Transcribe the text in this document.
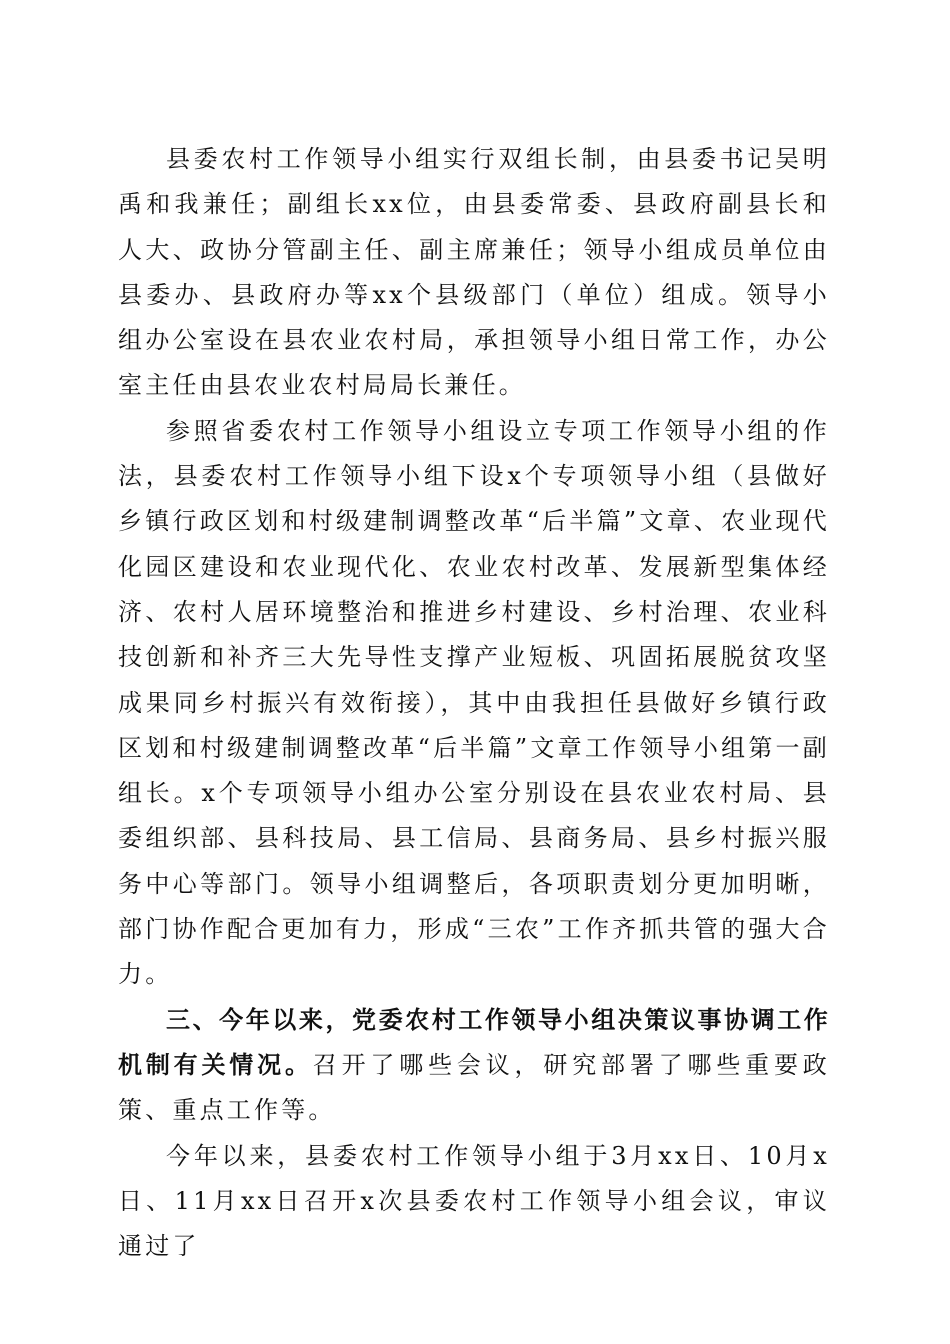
县委农村工作领导小组实行双组长制，由县委书记吴明禹和我兼任；副组长xx位，由县委常委、县政府副县长和人大、政协分管副主任、副主席兼任；领导小组成员单位由县委办、县政府办等xx个县级部门（单位）组成。领导小组办公室设在县农业农村局，承担领导小组日常工作，办公室主任由县农业农村局局长兼任。

参照省委农村工作领导小组设立专项工作领导小组的作法，县委农村工作领导小组下设x个专项领导小组（县做好乡镇行政区划和村级建制调整改革“后半篇”文章、农业现代化园区建设和农业现代化、农业农村改革、发展新型集体经济、农村人居环境整治和推进乡村建设、乡村治理、农业科技创新和补齐三大先导性支撑产业短板、巩固拓展脱贫攻坚成果同乡村振兴有效衔接），其中由我担任县做好乡镇行政区划和村级建制调整改革“后半篇”文章工作领导小组第一副组长。x个专项领导小组办公室分别设在县农业农村局、县委组织部、县科技局、县工信局、县商务局、县乡村振兴服务中心等部门。领导小组调整后，各项职责划分更加明晰，部门协作配合更加有力，形成“三农”工作齐抓共管的强大合力。

三、今年以来，党委农村工作领导小组决策议事协调工作机制有关情况。召开了哪些会议，研究部署了哪些重要政策、重点工作等。

今年以来，县委农村工作领导小组于3月xx日、10月x日、11月xx日召开x次县委农村工作领导小组会议，审议通过了
